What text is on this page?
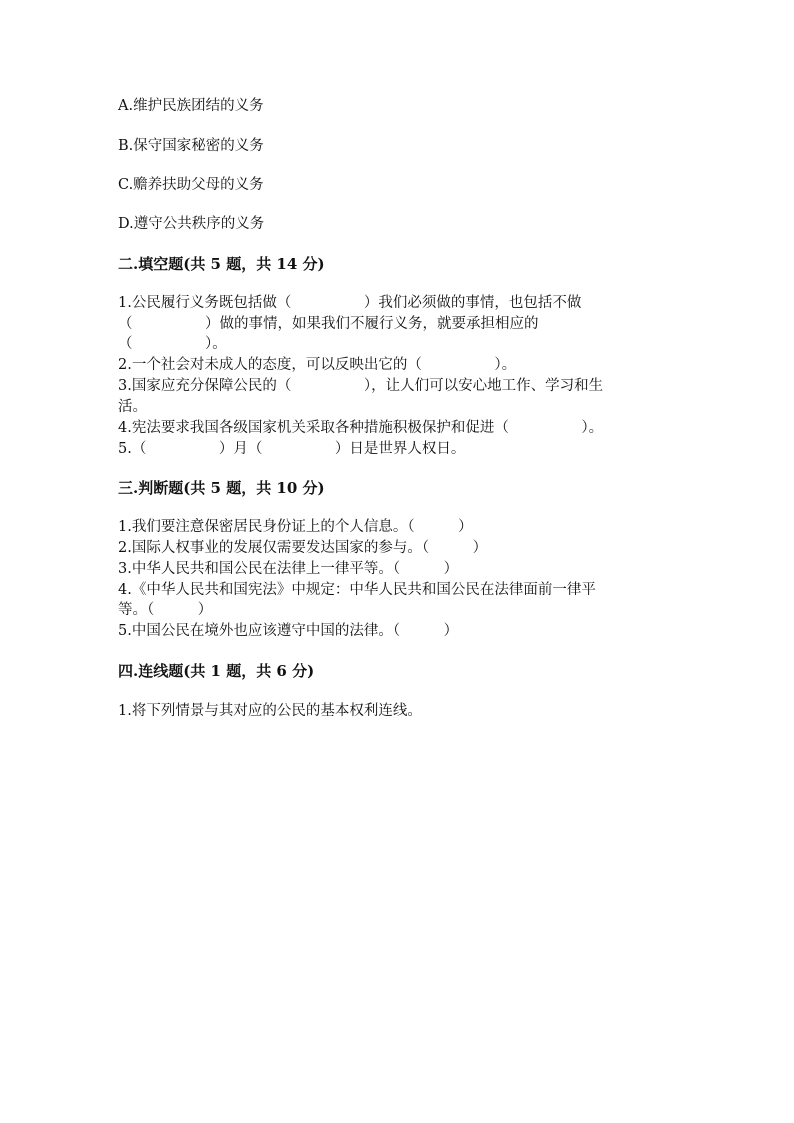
A.维护民族团结的义务
B.保守国家秘密的义务
C.赡养扶助父母的义务
D.遵守公共秩序的义务
二.填空题(共 5 题，共 14 分)
1.公民履行义务既包括做（　　　　　）我们必须做的事情，也包括不做
（　　　　　）做的事情，如果我们不履行义务，就要承担相应的
（　　　　　）。
2.一个社会对未成人的态度，可以反映出它的（　　　　　）。
3.国家应充分保障公民的（　　　　　），让人们可以安心地工作、学习和生
活。
4.宪法要求我国各级国家机关采取各种措施积极保护和促进（　　　　　）。
5.（　　　　　）月（　　　　　）日是世界人权日。
三.判断题(共 5 题，共 10 分)
1.我们要注意保密居民身份证上的个人信息。（　　　）
2.国际人权事业的发展仅需要发达国家的参与。（　　　）
3.中华人民共和国公民在法律上一律平等。（　　　）
4.《中华人民共和国宪法》中规定：中华人民共和国公民在法律面前一律平
等。（　　　）
5.中国公民在境外也应该遵守中国的法律。（　　　）
四.连线题(共 1 题，共 6 分)
1.将下列情景与其对应的公民的基本权利连线。
